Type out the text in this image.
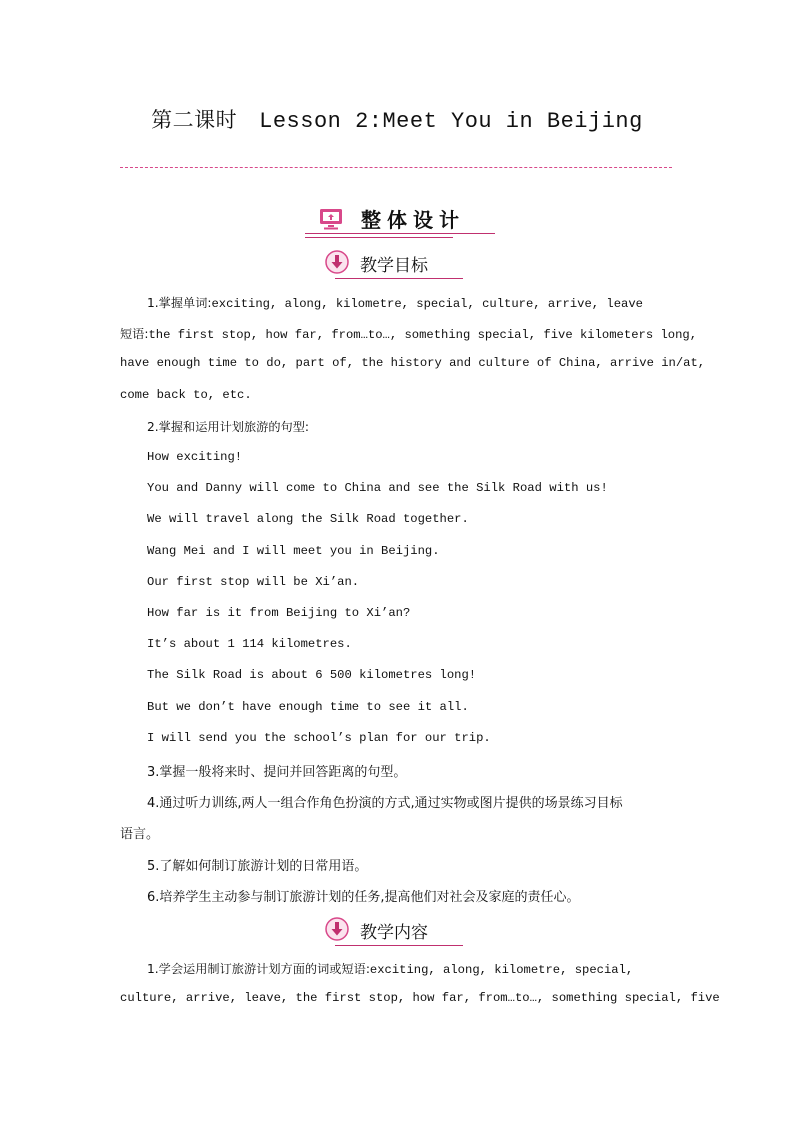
第二课时 Lesson 2:Meet You in Beijing
整体设计
教学目标
1.掌握单词:exciting, along, kilometre, special, culture, arrive, leave
短语:the first stop, how far, from…to…, something special, five kilometers long,
have enough time to do, part of, the history and culture of China, arrive in/at,
come back to, etc.
2.掌握和运用计划旅游的句型:
How exciting!
You and Danny will come to China and see the Silk Road with us!
We will travel along the Silk Road together.
Wang Mei and I will meet you in Beijing.
Our first stop will be Xi’an.
How far is it from Beijing to Xi’an?
It’s about 1 114 kilometres.
The Silk Road is about 6 500 kilometres long!
But we don’t have enough time to see it all.
I will send you the school’s plan for our trip.
3.掌握一般将来时、提问并回答距离的句型。
4.通过听力训练,两人一组合作角色扮演的方式,通过实物或图片提供的场景练习目标
语言。
5.了解如何制订旅游计划的日常用语。
6.培养学生主动参与制订旅游计划的任务,提高他们对社会及家庭的责任心。
教学内容
1.学会运用制订旅游计划方面的词或短语:exciting, along, kilometre, special,
culture, arrive, leave, the first stop, how far, from…to…, something special, five
